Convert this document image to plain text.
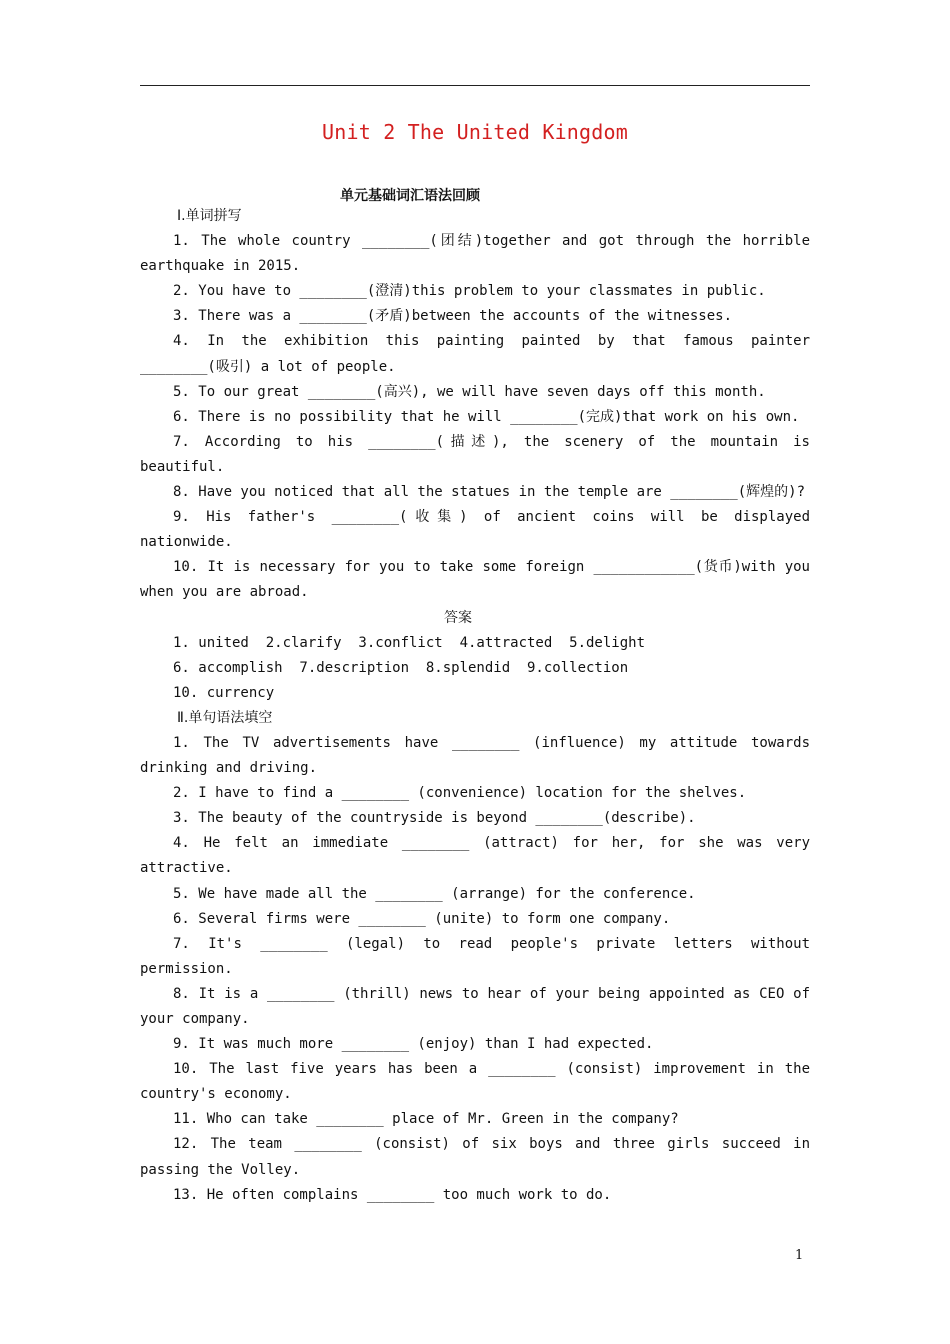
Unit 2 The United Kingdom
单元基础词汇语法回顾
Ⅰ.单词拼写
1. The whole country ________(团结)together and got through the horrible
earthquake in 2015.
2. You have to ________(澄清)this problem to your classmates in public.
3. There was a ________(矛盾)between the accounts of the witnesses.
4. In the exhibition this painting painted by that famous painter
________(吸引) a lot of people.
5. To our great ________(高兴), we will have seven days off this month.
6. There is no possibility that he will ________(完成)that work on his own.
7. According to his ________(描述), the scenery of the mountain is
beautiful.
8. Have you noticed that all the statues in the temple are ________(辉煌的)?
9. His father's ________(收集) of ancient coins will be displayed
nationwide.
10. It is necessary for you to take some foreign ____________(货币)with you
when you are abroad.
答案
1. united  2.clarify  3.conflict  4.attracted  5.delight
6. accomplish  7.description  8.splendid  9.collection
10. currency
Ⅱ.单句语法填空
1. The TV advertisements have ________ (influence) my attitude towards
drinking and driving.
2. I have to find a ________ (convenience) location for the shelves.
3. The beauty of the countryside is beyond ________(describe).
4. He felt an immediate ________ (attract) for her, for she was very
attractive.
5. We have made all the ________ (arrange) for the conference.
6. Several firms were ________ (unite) to form one company.
7. It's ________ (legal) to read people's private letters without
permission.
8. It is a ________ (thrill) news to hear of your being appointed as CEO of
your company.
9. It was much more ________ (enjoy) than I had expected.
10. The last five years has been a ________ (consist) improvement in the
country's economy.
11. Who can take ________ place of Mr. Green in the company?
12. The team ________ (consist) of six boys and three girls succeed in
passing the Volley.
13. He often complains ________ too much work to do.
1
